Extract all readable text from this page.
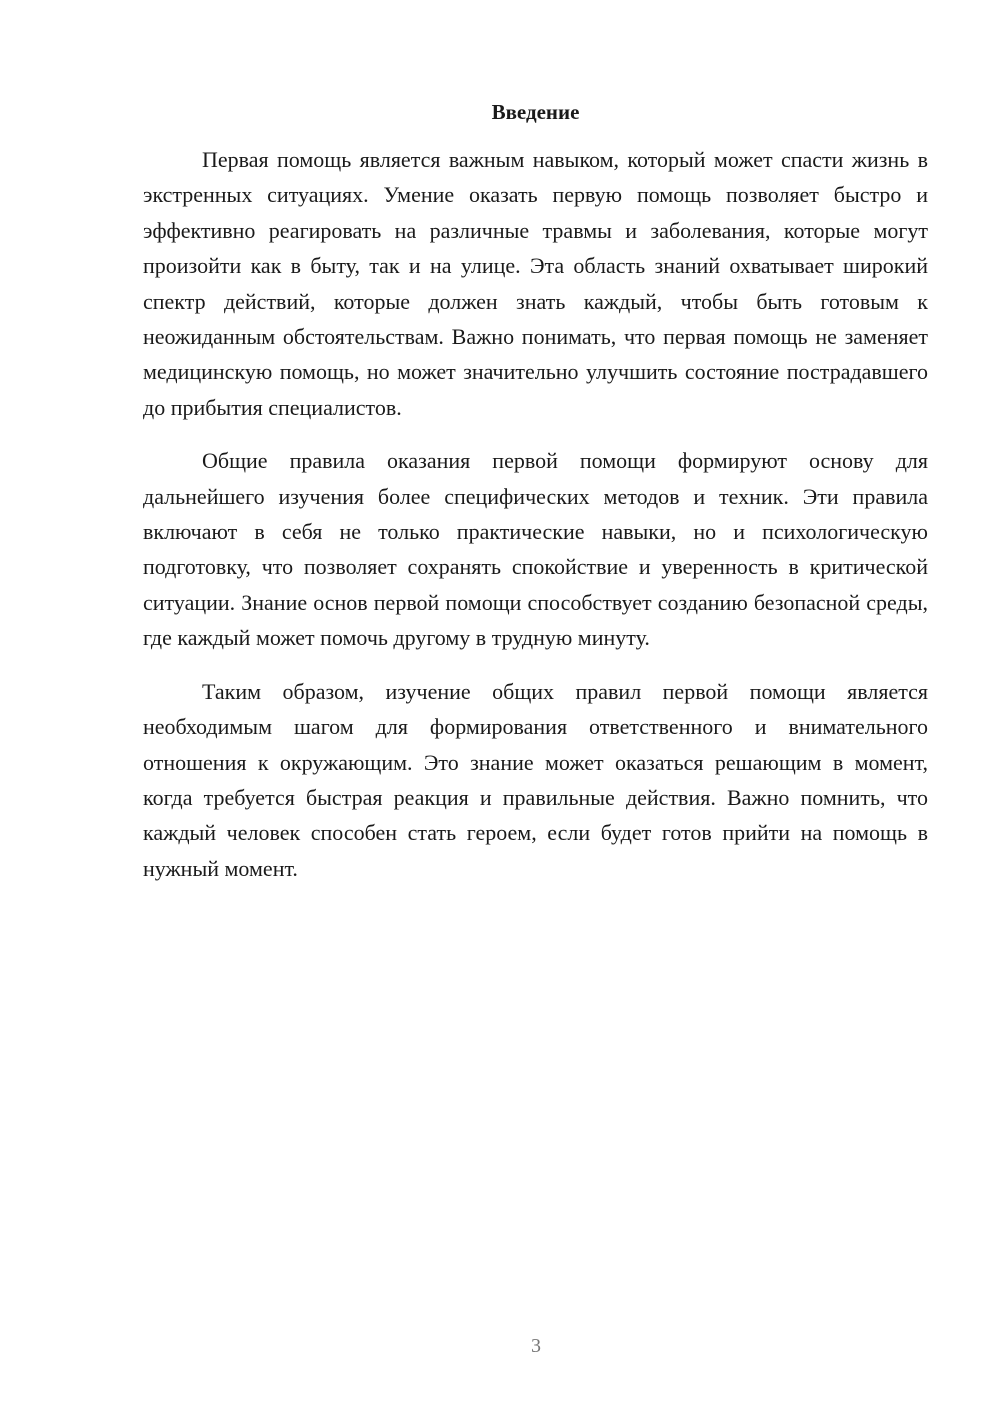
Введение

Первая помощь является важным навыком, который может спасти жизнь в экстренных ситуациях. Умение оказать первую помощь позволяет быстро и эффективно реагировать на различные травмы и заболевания, которые могут произойти как в быту, так и на улице. Эта область знаний охватывает широкий спектр действий, которые должен знать каждый, чтобы быть готовым к неожиданным обстоятельствам. Важно понимать, что первая помощь не заменяет медицинскую помощь, но может значительно улучшить состояние пострадавшего до прибытия специалистов.

Общие правила оказания первой помощи формируют основу для дальнейшего изучения более специфических методов и техник. Эти правила включают в себя не только практические навыки, но и психологическую подготовку, что позволяет сохранять спокойствие и уверенность в критической ситуации. Знание основ первой помощи способствует созданию безопасной среды, где каждый может помочь другому в трудную минуту.

Таким образом, изучение общих правил первой помощи является необходимым шагом для формирования ответственного и внимательного отношения к окружающим. Это знание может оказаться решающим в момент, когда требуется быстрая реакция и правильные действия. Важно помнить, что каждый человек способен стать героем, если будет готов прийти на помощь в нужный момент.

3
